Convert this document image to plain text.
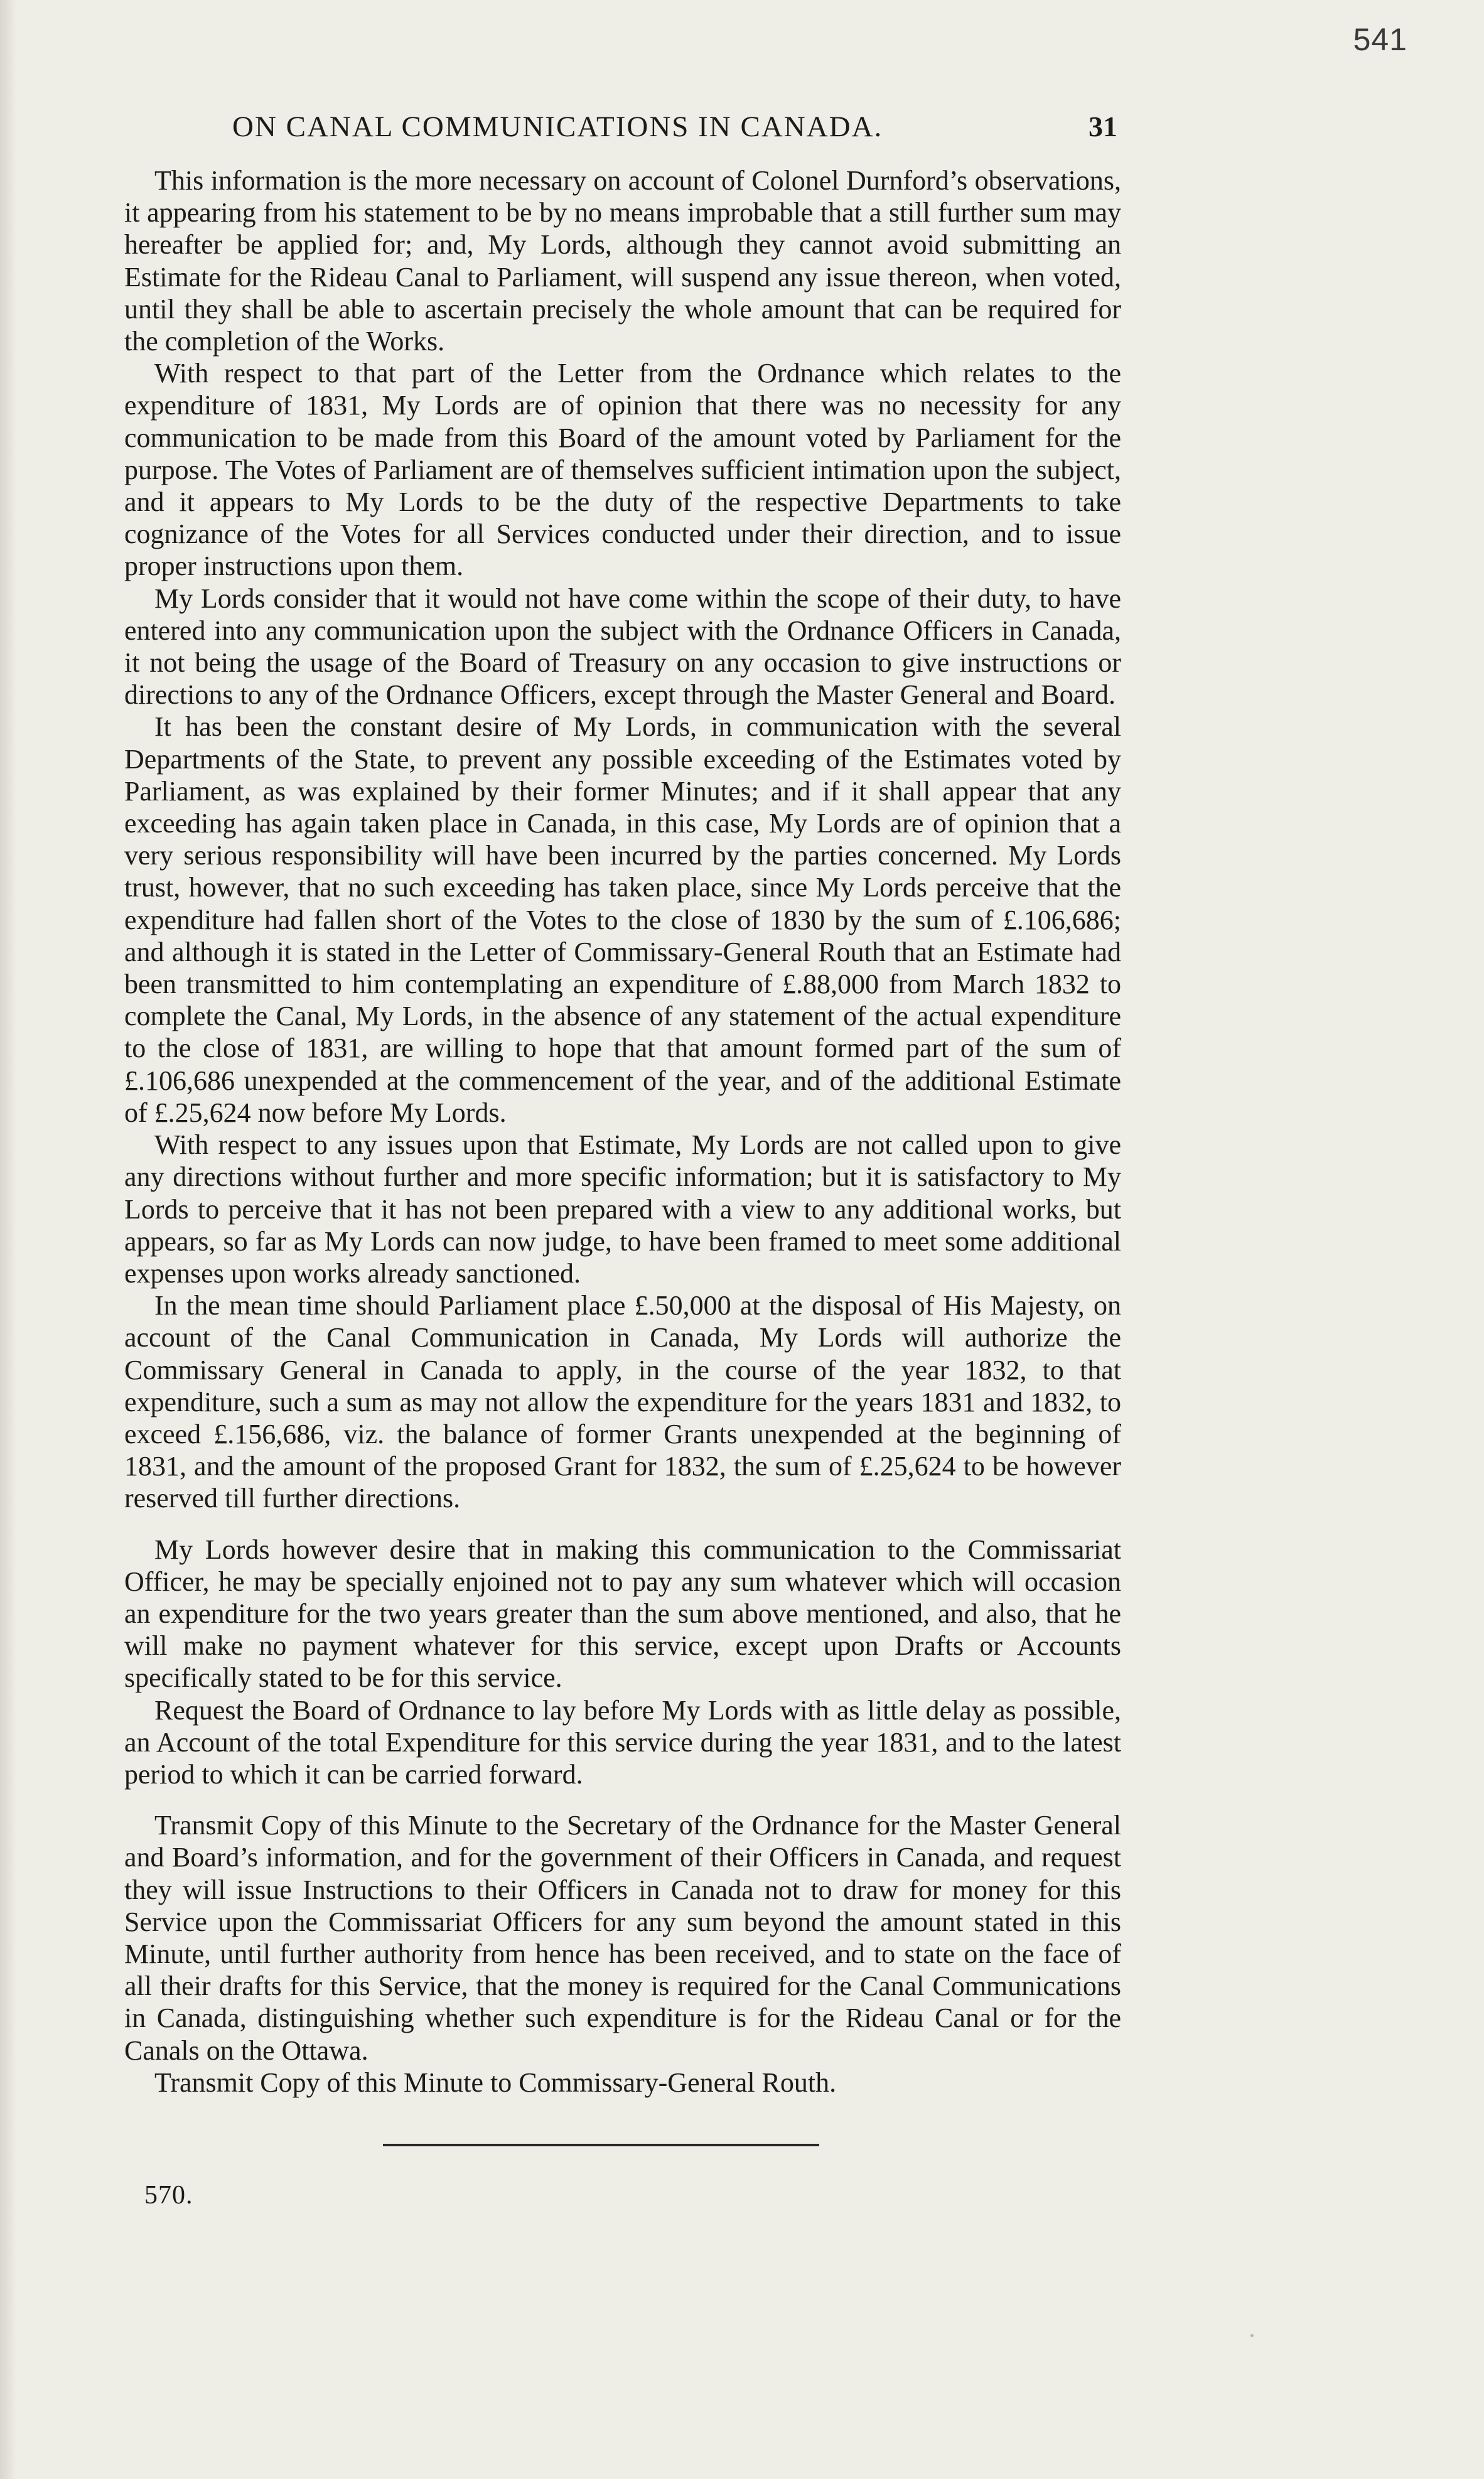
541
ON CANAL COMMUNICATIONS IN CANADA.	31

This information is the more necessary on account of Colonel Durnford’s observations, it appearing from his statement to be by no means improbable that a still further sum may hereafter be applied for; and, My Lords, although they cannot avoid submitting an Estimate for the Rideau Canal to Parliament, will suspend any issue thereon, when voted, until they shall be able to ascertain precisely the whole amount that can be required for the completion of the Works.

With respect to that part of the Letter from the Ordnance which relates to the expenditure of 1831, My Lords are of opinion that there was no necessity for any communication to be made from this Board of the amount voted by Parliament for the purpose. The Votes of Parliament are of themselves sufficient intimation upon the subject, and it appears to My Lords to be the duty of the respective Departments to take cognizance of the Votes for all Services conducted under their direction, and to issue proper instructions upon them.

My Lords consider that it would not have come within the scope of their duty, to have entered into any communication upon the subject with the Ordnance Officers in Canada, it not being the usage of the Board of Treasury on any occasion to give instructions or directions to any of the Ordnance Officers, except through the Master General and Board.

It has been the constant desire of My Lords, in communication with the several Departments of the State, to prevent any possible exceeding of the Estimates voted by Parliament, as was explained by their former Minutes; and if it shall appear that any exceeding has again taken place in Canada, in this case, My Lords are of opinion that a very serious responsibility will have been incurred by the parties concerned. My Lords trust, however, that no such exceeding has taken place, since My Lords perceive that the expenditure had fallen short of the Votes to the close of 1830 by the sum of £.106,686; and although it is stated in the Letter of Commissary-General Routh that an Estimate had been transmitted to him contemplating an expenditure of £.88,000 from March 1832 to complete the Canal, My Lords, in the absence of any statement of the actual expenditure to the close of 1831, are willing to hope that that amount formed part of the sum of £.106,686 unexpended at the commencement of the year, and of the additional Estimate of £.25,624 now before My Lords.

With respect to any issues upon that Estimate, My Lords are not called upon to give any directions without further and more specific information; but it is satisfactory to My Lords to perceive that it has not been prepared with a view to any additional works, but appears, so far as My Lords can now judge, to have been framed to meet some additional expenses upon works already sanctioned.

In the mean time should Parliament place £.50,000 at the disposal of His Majesty, on account of the Canal Communication in Canada, My Lords will authorize the Commissary General in Canada to apply, in the course of the year 1832, to that expenditure, such a sum as may not allow the expenditure for the years 1831 and 1832, to exceed £.156,686, viz. the balance of former Grants unexpended at the beginning of 1831, and the amount of the proposed Grant for 1832, the sum of £.25,624 to be however reserved till further directions.

My Lords however desire that in making this communication to the Commissariat Officer, he may be specially enjoined not to pay any sum whatever which will occasion an expenditure for the two years greater than the sum above mentioned, and also, that he will make no payment whatever for this service, except upon Drafts or Accounts specifically stated to be for this service.

Request the Board of Ordnance to lay before My Lords with as little delay as possible, an Account of the total Expenditure for this service during the year 1831, and to the latest period to which it can be carried forward.

Transmit Copy of this Minute to the Secretary of the Ordnance for the Master General and Board’s information, and for the government of their Officers in Canada, and request they will issue Instructions to their Officers in Canada not to draw for money for this Service upon the Commissariat Officers for any sum beyond the amount stated in this Minute, until further authority from hence has been received, and to state on the face of all their drafts for this Service, that the money is required for the Canal Communications in Canada, distinguishing whether such expenditure is for the Rideau Canal or for the Canals on the Ottawa.

Transmit Copy of this Minute to Commissary-General Routh.

570.
